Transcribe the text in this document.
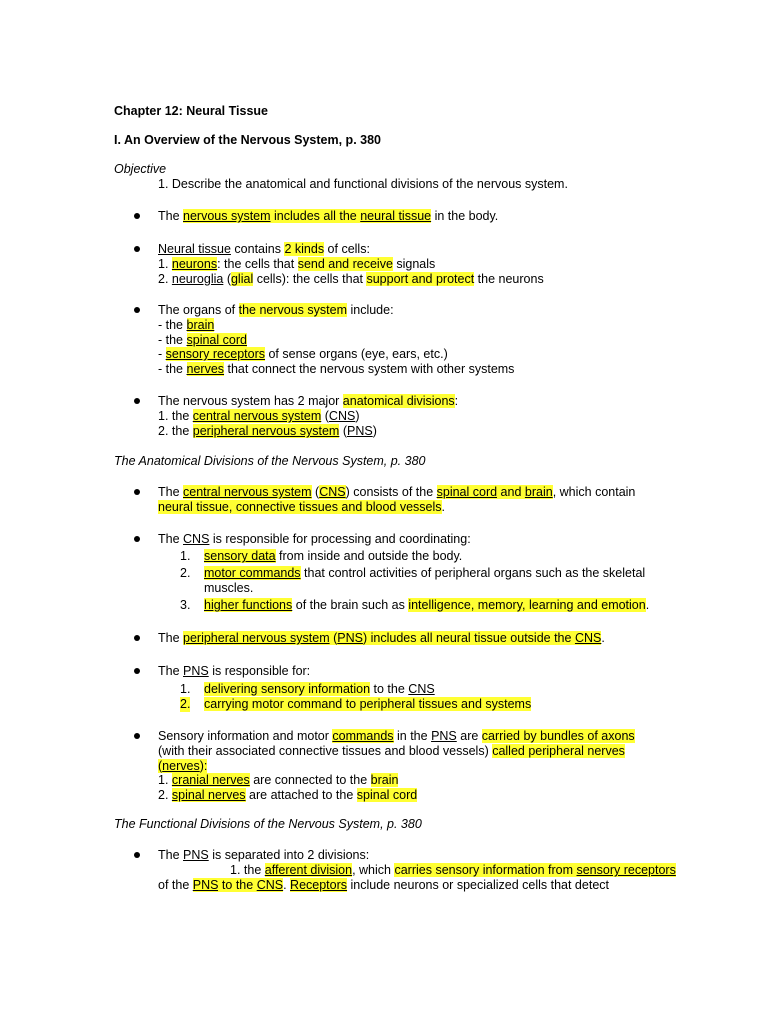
Chapter 12: Neural Tissue
I. An Overview of the Nervous System, p. 380
Objective
1. Describe the anatomical and functional divisions of the nervous system.
The nervous system includes all the neural tissue in the body.
Neural tissue contains 2 kinds of cells:
1. neurons: the cells that send and receive signals
2. neuroglia (glial cells): the cells that support and protect the neurons
The organs of the nervous system include:
- the brain
- the spinal cord
- sensory receptors of sense organs (eye, ears, etc.)
- the nerves that connect the nervous system with other systems
The nervous system has 2 major anatomical divisions:
1. the central nervous system (CNS)
2. the peripheral nervous system (PNS)
The Anatomical Divisions of the Nervous System, p. 380
The central nervous system (CNS) consists of the spinal cord and brain, which contain
neural tissue, connective tissues and blood vessels.
The CNS is responsible for processing and coordinating:
1. sensory data from inside and outside the body.
2. motor commands that control activities of peripheral organs such as the skeletal
muscles.
3. higher functions of the brain such as intelligence, memory, learning and emotion.
The peripheral nervous system (PNS) includes all neural tissue outside the CNS.
The PNS is responsible for:
1. delivering sensory information to the CNS
2. carrying motor command to peripheral tissues and systems
Sensory information and motor commands in the PNS are carried by bundles of axons
(with their associated connective tissues and blood vessels) called peripheral nerves
(nerves):
1. cranial nerves are connected to the brain
2. spinal nerves are attached to the spinal cord
The Functional Divisions of the Nervous System, p. 380
The PNS is separated into 2 divisions:
1. the afferent division, which carries sensory information from sensory receptors
of the PNS to the CNS. Receptors include neurons or specialized cells that detect
